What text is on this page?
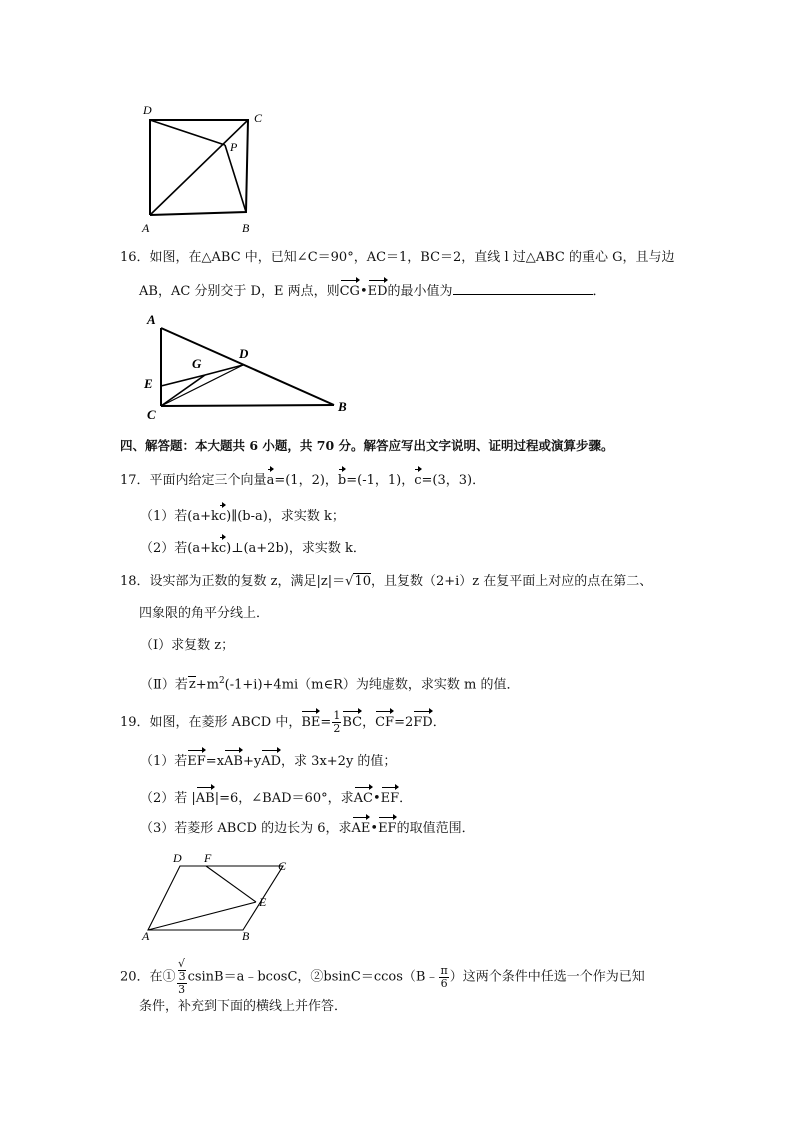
D
C
P
A	B
16．如图，在△ABC 中，已知∠C＝90°，AC＝1，BC＝2，直线 l 过△ABC 的重心 G，且与边
AB，AC 分别交于 D，E 两点，则CG•ED的最小值为	．
A
G
D
E
C
B
四、解答题：本大题共 6 小题，共 70 分。解答应写出文字说明、证明过程或演算步骤。
17．平面内给定三个向量a=(1，2)，b=(-1，1)，c=(3，3)．
（1）若(a+kc)∥(b-a)，求实数 k；
（2）若(a+kc)⊥(a+2b)，求实数 k．
18．设实部为正数的复数 z，满足|z|＝√10，且复数（2+i）z 在复平面上对应的点在第二、
四象限的角平分线上．
（Ⅰ）求复数 z；
（Ⅱ）若$z+m^2(-1+i)+4mi(m\in R)$为纯虚数，求实数 m 的值．
19．如图，在菱形 ABCD 中，$BE= \frac{1}{2}$ BC，CF=2FD．
（1）若EF=xAB+yAD，求 3x+2y 的值；
（2）若 |AB|=6，∠BAD＝60°，求AC•EF．
（3）若菱形 ABCD 的边长为 6，求AE•EF的取值范围．
D F
C
E
A	B
20．在① √
3
3 csinB＝a﹣bcosC，②bsinC＝ccos（B﹣ $\frac{\pi}{6}$ ）这两个条件中任选一个作为已知
条件，补充到下面的横线上并作答．
